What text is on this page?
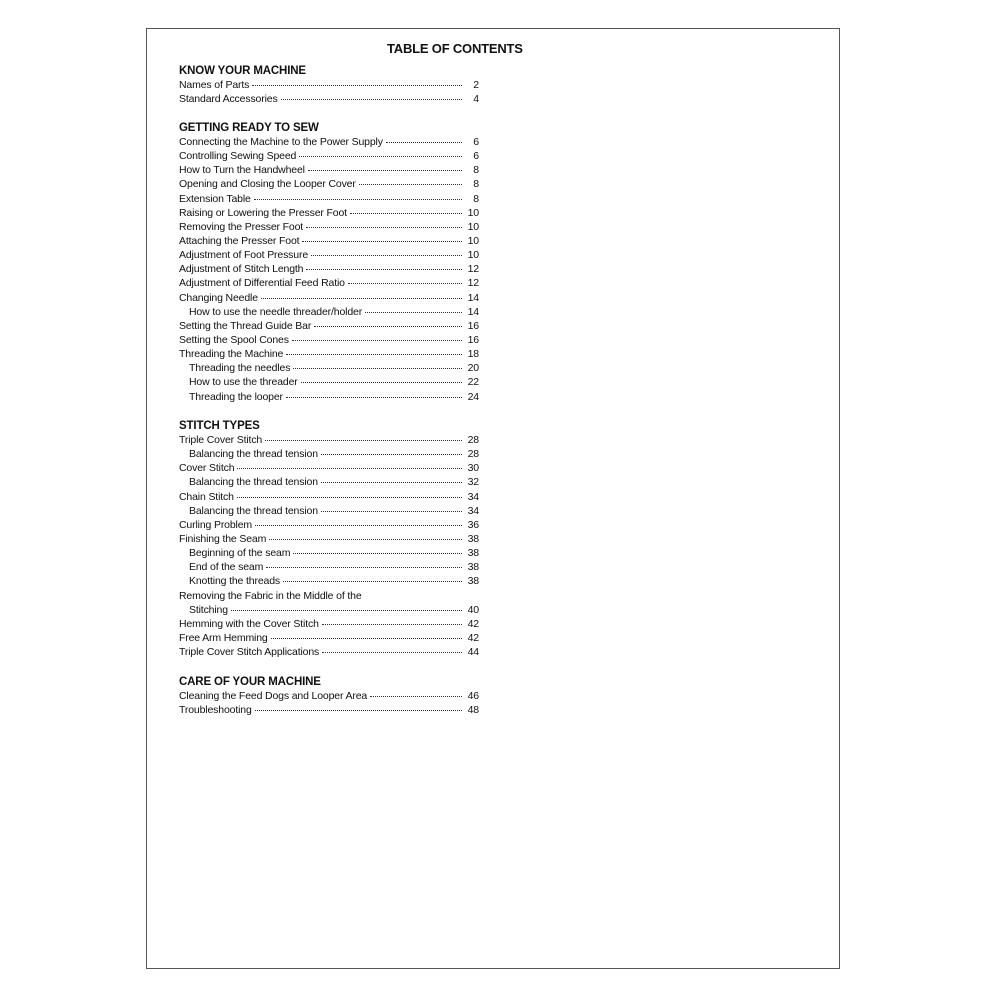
TABLE OF CONTENTS
KNOW YOUR MACHINE
Names of Parts	2
Standard Accessories	4
GETTING READY TO SEW
Connecting the Machine to the Power Supply	6
Controlling Sewing Speed	6
How to Turn the Handwheel	8
Opening and Closing the Looper Cover	8
Extension Table	8
Raising or Lowering the Presser Foot	10
Removing the Presser Foot	10
Attaching the Presser Foot	10
Adjustment of Foot Pressure	10
Adjustment of Stitch Length	12
Adjustment of Differential Feed Ratio	12
Changing Needle	14
How to use the needle threader/holder	14
Setting the Thread Guide Bar	16
Setting the Spool Cones	16
Threading the Machine	18
Threading the needles	20
How to use the threader	22
Threading the looper	24
STITCH TYPES
Triple Cover Stitch	28
Balancing the thread tension	28
Cover Stitch	30
Balancing the thread tension	32
Chain Stitch	34
Balancing the thread tension	34
Curling Problem	36
Finishing the Seam	38
Beginning of the seam	38
End of the seam	38
Knotting the threads	38
Removing the Fabric in the Middle of the
Stitching	40
Hemming with the Cover Stitch	42
Free Arm Hemming	42
Triple Cover Stitch Applications	44
CARE OF YOUR MACHINE
Cleaning the Feed Dogs and Looper Area	46
Troubleshooting	48
